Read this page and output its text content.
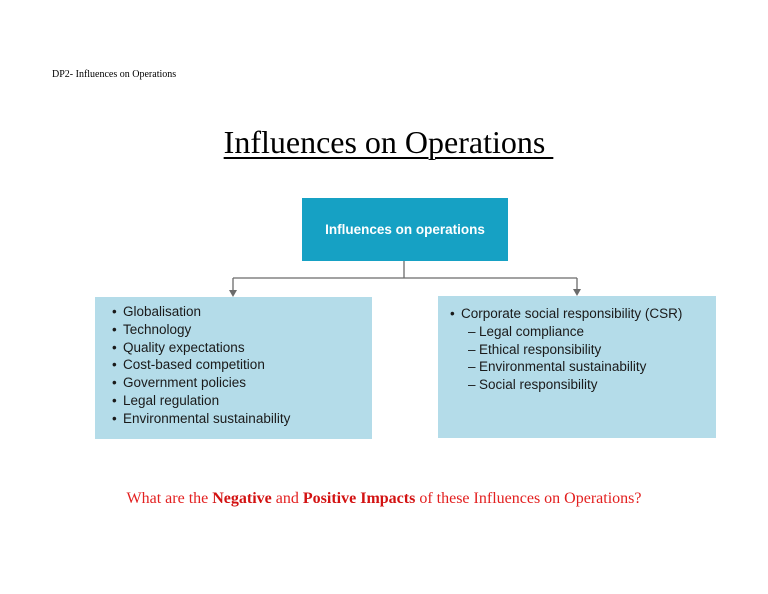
DP2- Influences on Operations
Influences on Operations
Influences on operations
• Globalisation
• Technology
• Quality expectations
• Cost-based competition
• Government policies
• Legal regulation
• Environmental sustainability
• Corporate social responsibility (CSR)
– Legal compliance
– Ethical responsibility
– Environmental sustainability
– Social responsibility
What are the Negative and Positive Impacts of these Influences on Operations?
